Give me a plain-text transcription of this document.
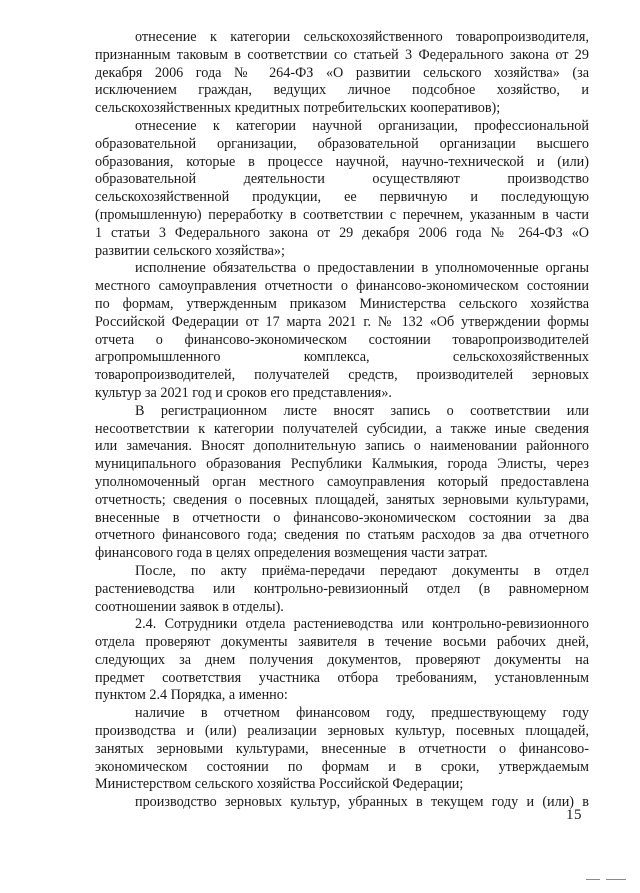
отнесение к категории сельскохозяйственного товаропроизводителя,
признанным таковым в соответствии со статьей 3 Федерального закона от 29
декабря 2006 года № 264-ФЗ «О развитии сельского хозяйства» (за
исключением граждан, ведущих личное подсобное хозяйство, и
сельскохозяйственных кредитных потребительских кооперативов);
отнесение к категории научной организации, профессиональной
образовательной организации, образовательной организации высшего
образования, которые в процессе научной, научно-технической и (или)
образовательной деятельности осуществляют производство
сельскохозяйственной продукции, ее первичную и последующую
(промышленную) переработку в соответствии с перечнем, указанным в части
1 статьи 3 Федерального закона от 29 декабря 2006 года № 264-ФЗ «О
развитии сельского хозяйства»;
исполнение обязательства о предоставлении в уполномоченные органы
местного самоуправления отчетности о финансово-экономическом состоянии
по формам, утвержденным приказом Министерства сельского хозяйства
Российской Федерации от 17 марта 2021 г. № 132 «Об утверждении формы
отчета о финансово-экономическом состоянии товаропроизводителей
агропромышленного комплекса, сельскохозяйственных
товаропроизводителей, получателей средств, производителей зерновых
культур за 2021 год и сроков его представления».
В регистрационном листе вносят запись о соответствии или
несоответствии к категории получателей субсидии, а также иные сведения
или замечания. Вносят дополнительную запись о наименовании районного
муниципального образования Республики Калмыкия, города Элисты, через
уполномоченный орган местного самоуправления который предоставлена
отчетность; сведения о посевных площадей, занятых зерновыми культурами,
внесенные в отчетности о финансово-экономическом состоянии за два
отчетного финансового года; сведения по статьям расходов за два отчетного
финансового года в целях определения возмещения части затрат.
После, по акту приёма-передачи передают документы в отдел
растениеводства или контрольно-ревизионный отдел (в равномерном
соотношении заявок в отделы).
2.4. Сотрудники отдела растениеводства или контрольно-ревизионного
отдела проверяют документы заявителя в течение восьми рабочих дней,
следующих за днем получения документов, проверяют документы на
предмет соответствия участника отбора требованиям, установленным
пунктом 2.4 Порядка, а именно:
наличие в отчетном финансовом году, предшествующему году
производства и (или) реализации зерновых культур, посевных площадей,
занятых зерновыми культурами, внесенные в отчетности о финансово-
экономическом состоянии по формам и в сроки, утверждаемым
Министерством сельского хозяйства Российской Федерации;
производство зерновых культур, убранных в текущем году и (или) в
15
